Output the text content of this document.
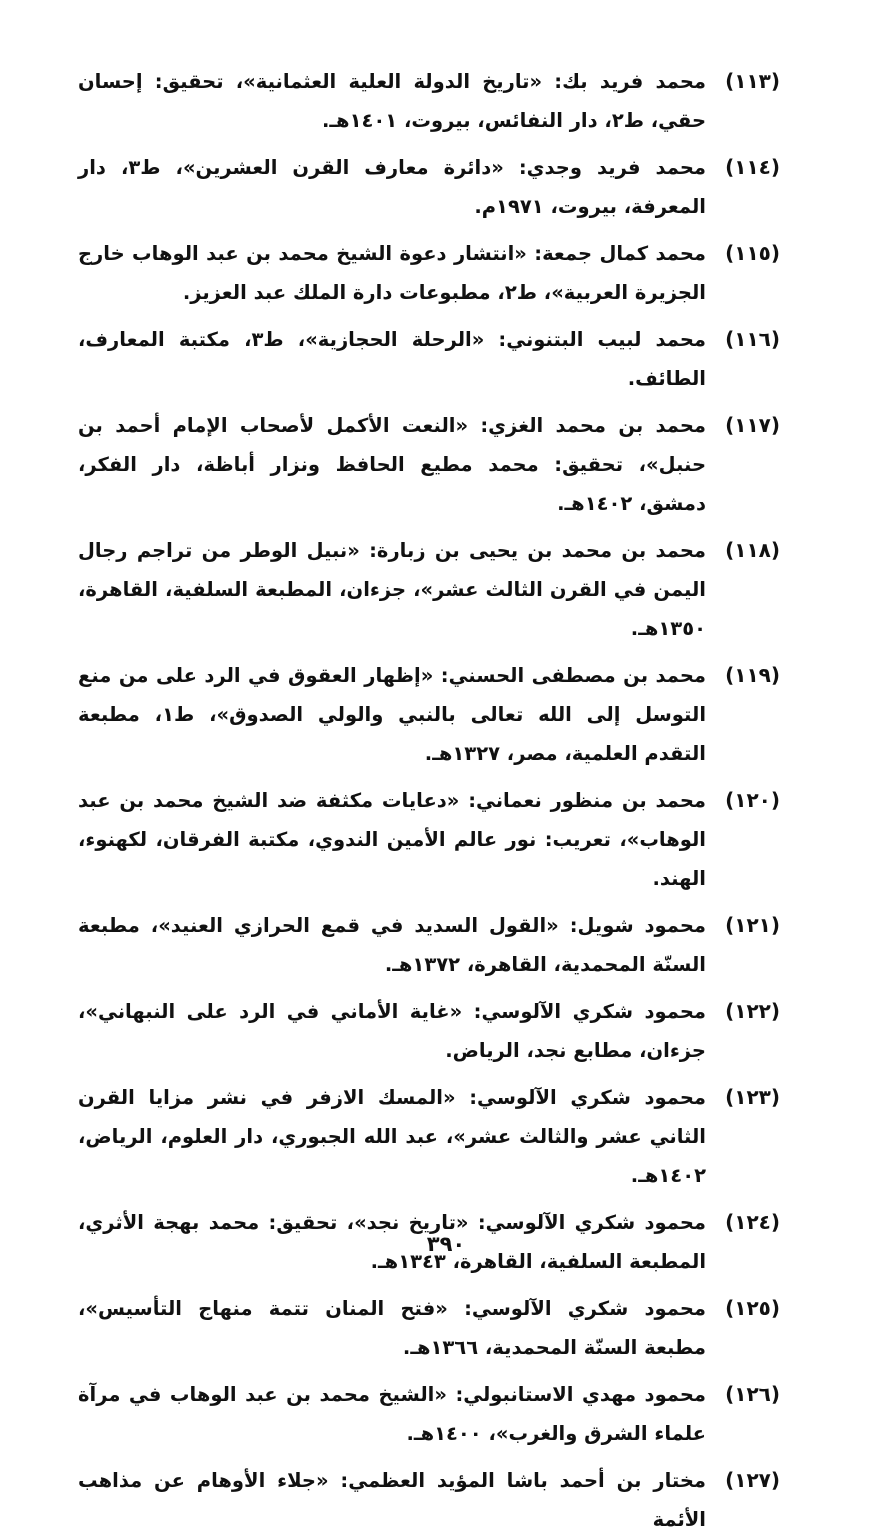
(١١٣)
محمد فريد بك: «تاريخ الدولة العلية العثمانية»، تحقيق: إحسان حقي، ط٢، دار النفائس، بيروت، ١٤٠١هـ.
(١١٤)
محمد فريد وجدي: «دائرة معارف القرن العشرين»، ط٣، دار المعرفة، بيروت، ١٩٧١م.
(١١٥)
محمد كمال جمعة: «انتشار دعوة الشيخ محمد بن عبد الوهاب خارج الجزيرة العربية»، ط٢، مطبوعات دارة الملك عبد العزيز.
(١١٦)
محمد لبيب البتنوني: «الرحلة الحجازية»، ط٣، مكتبة المعارف، الطائف.
(١١٧)
محمد بن محمد الغزي: «النعت الأكمل لأصحاب الإمام أحمد بن حنبل»، تحقيق: محمد مطيع الحافظ ونزار أباظة، دار الفكر، دمشق، ١٤٠٢هـ.
(١١٨)
محمد بن محمد بن يحيى بن زبارة: «نبيل الوطر من تراجم رجال اليمن في القرن الثالث عشر»، جزءان، المطبعة السلفية، القاهرة، ١٣٥٠هـ.
(١١٩)
محمد بن مصطفى الحسني: «إظهار العقوق في الرد على من منع التوسل إلى الله تعالى بالنبي والولي الصدوق»، ط١، مطبعة التقدم العلمية، مصر، ١٣٢٧هـ.
(١٢٠)
محمد بن منظور نعماني: «دعايات مكثفة ضد الشيخ محمد بن عبد الوهاب»، تعريب: نور عالم الأمين الندوي، مكتبة الفرقان، لكهنوء، الهند.
(١٢١)
محمود شويل: «القول السديد في قمع الحرازي العنيد»، مطبعة السنّة المحمدية، القاهرة، ١٣٧٢هـ.
(١٢٢)
محمود شكري الآلوسي: «غاية الأماني في الرد على النبهاني»، جزءان، مطابع نجد، الرياض.
(١٢٣)
محمود شكري الآلوسي: «المسك الازفر في نشر مزايا القرن الثاني عشر والثالث عشر»، عبد الله الجبوري، دار العلوم، الرياض، ١٤٠٢هـ.
(١٢٤)
محمود شكري الآلوسي: «تاريخ نجد»، تحقيق: محمد بهجة الأثري، المطبعة السلفية، القاهرة، ١٣٤٣هـ.
(١٢٥)
محمود شكري الآلوسي: «فتح المنان تتمة منهاج التأسيس»، مطبعة السنّة المحمدية، ١٣٦٦هـ.
(١٢٦)
محمود مهدي الاستانبولي: «الشيخ محمد بن عبد الوهاب في مرآة علماء الشرق والغرب»، ١٤٠٠هـ.
(١٢٧)
مختار بن أحمد باشا المؤيد العظمي: «جلاء الأوهام عن مذاهب الأئمة
٣٩٠
